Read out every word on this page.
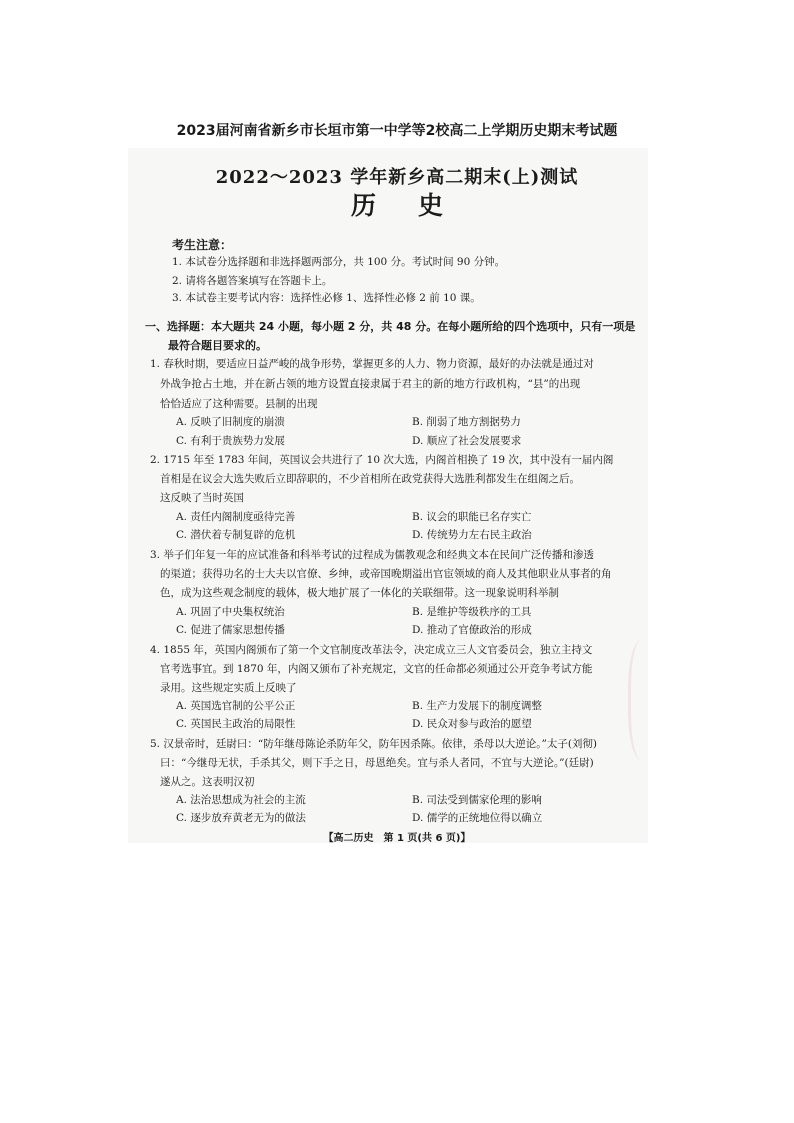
2023届河南省新乡市长垣市第一中学等2校高二上学期历史期末考试题
2022～2023 学年新乡高二期末(上)测试
历史
考生注意：
1. 本试卷分选择题和非选择题两部分，共 100 分。考试时间 90 分钟。
2. 请将各题答案填写在答题卡上。
3. 本试卷主要考试内容：选择性必修 1、选择性必修 2 前 10 课。
一、选择题：本大题共 24 小题，每小题 2 分，共 48 分。在每小题所给的四个选项中，只有一项是
最符合题目要求的。
1. 春秋时期，要适应日益严峻的战争形势，掌握更多的人力、物力资源，最好的办法就是通过对
外战争抢占土地，并在新占领的地方设置直接隶属于君主的新的地方行政机构，“县”的出现
恰恰适应了这种需要。县制的出现
A. 反映了旧制度的崩溃	B. 削弱了地方割据势力
C. 有利于贵族势力发展	D. 顺应了社会发展要求
2. 1715 年至 1783 年间，英国议会共进行了 10 次大选，内阁首相换了 19 次，其中没有一届内阁
首相是在议会大选失败后立即辞职的，不少首相所在政党获得大选胜利都发生在组阁之后。
这反映了当时英国
A. 责任内阁制度亟待完善	B. 议会的职能已名存实亡
C. 潜伏着专制复辟的危机	D. 传统势力左右民主政治
3. 举子们年复一年的应试准备和科举考试的过程成为儒教观念和经典文本在民间广泛传播和渗透
的渠道；获得功名的士大夫以官僚、乡绅，或帝国晚期溢出官宦领域的商人及其他职业从事者的角
色，成为这些观念制度的载体，极大地扩展了一体化的关联细带。这一现象说明科举制
A. 巩固了中央集权统治	B. 是维护等级秩序的工具
C. 促进了儒家思想传播	D. 推动了官僚政治的形成
4. 1855 年，英国内阁颁布了第一个文官制度改革法令，决定成立三人文官委员会，独立主持文
官考选事宜。到 1870 年，内阁又颁布了补充规定，文官的任命都必须通过公开竞争考试方能
录用。这些规定实质上反映了
A. 英国选官制的公平公正	B. 生产力发展下的制度调整
C. 英国民主政治的局限性	D. 民众对参与政治的愿望
5. 汉景帝时，廷尉曰：“防年继母陈论杀防年父，防年因杀陈。依律，杀母以大逆论。”太子(刘彻)
曰：“今继母无状，手杀其父，则下手之日，母恩绝矣。宜与杀人者同，不宜与大逆论。”(廷尉)
遂从之。这表明汉初
A. 法治思想成为社会的主流	B. 司法受到儒家伦理的影响
C. 逐步放弃黄老无为的做法	D. 儒学的正统地位得以确立
【高二历史　第 1 页(共 6 页)】
